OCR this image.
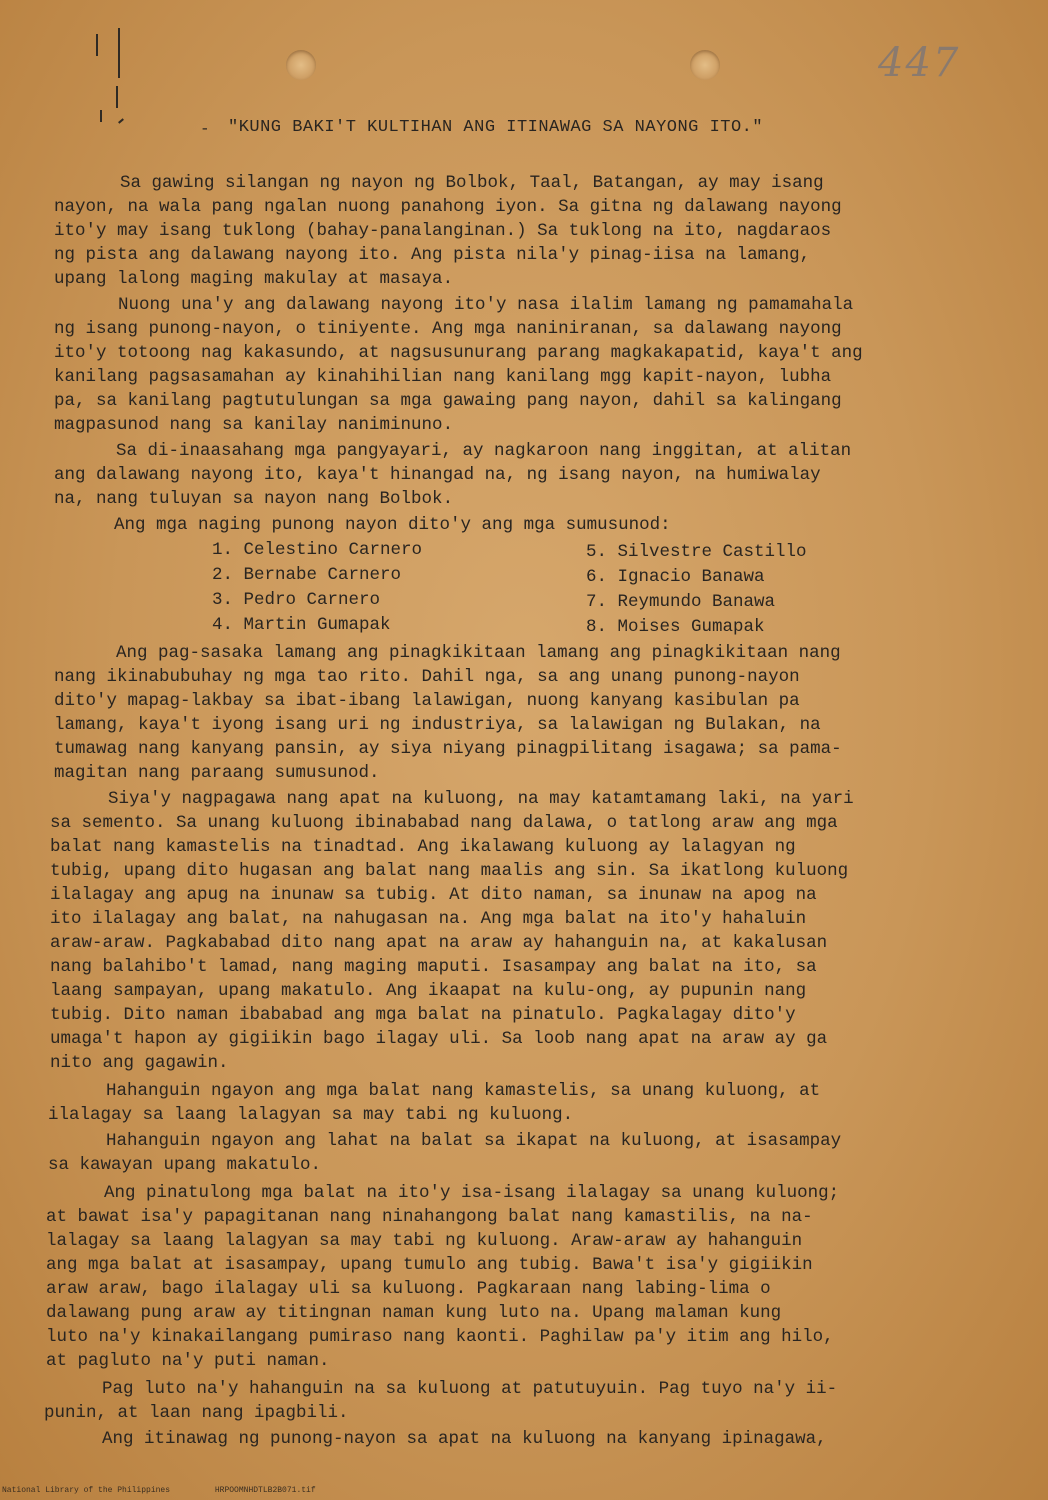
447
- "KUNG BAKI'T KULTIHAN ANG ITINAWAG SA NAYONG ITO."
Sa gawing silangan ng nayon ng Bolbok, Taal, Batangan, ay may isang
nayon, na wala pang ngalan nuong panahong iyon. Sa gitna ng dalawang nayong
ito'y may isang tuklong (bahay-panalanginan.) Sa tuklong na ito, nagdaraos
ng pista ang dalawang nayong ito. Ang pista nila'y pinag-iisa na lamang,
upang lalong maging makulay at masaya.
Nuong una'y ang dalawang nayong ito'y nasa ilalim lamang ng pamamahala
ng isang punong-nayon, o tiniyente. Ang mga naniniranan, sa dalawang nayong
ito'y totoong nag kakasundo, at nagsusunurang parang magkakapatid, kaya't ang
kanilang pagsasamahan ay kinahihilian nang kanilang mgg kapit-nayon, lubha
pa, sa kanilang pagtutulungan sa mga gawaing pang nayon, dahil sa kalingang
magpasunod nang sa kanilay naniminuno.
Sa di-inaasahang mga pangyayari, ay nagkaroon nang inggitan, at alitan
ang dalawang nayong ito, kaya't hinangad na, ng isang nayon, na humiwalay
na, nang tuluyan sa nayon nang Bolbok.
Ang mga naging punong nayon dito'y ang mga sumusunod:
1. Celestino Carnero
2. Bernabe Carnero
3. Pedro Carnero
4. Martin Gumapak
5. Silvestre Castillo
6. Ignacio Banawa
7. Reymundo Banawa
8. Moises Gumapak
Ang pag-sasaka lamang ang pinagkikitaan lamang ang pinagkikitaan nang
nang ikinabubuhay ng mga tao rito. Dahil nga, sa ang unang punong-nayon
dito'y mapag-lakbay sa ibat-ibang lalawigan, nuong kanyang kasibulan pa
lamang, kaya't iyong isang uri ng industriya, sa lalawigan ng Bulakan, na
tumawag nang kanyang pansin, ay siya niyang pinagpilitang isagawa; sa pama-
magitan nang paraang sumusunod.
Siya'y nagpagawa nang apat na kuluong, na may katamtamang laki, na yari
sa semento. Sa unang kuluong ibinababad nang dalawa, o tatlong araw ang mga
balat nang kamastelis na tinadtad. Ang ikalawang kuluong ay lalagyan ng
tubig, upang dito hugasan ang balat nang maalis ang sin. Sa ikatlong kuluong
ilalagay ang apug na inunaw sa tubig. At dito naman, sa inunaw na apog na
ito ilalagay ang balat, na nahugasan na. Ang mga balat na ito'y hahaluin
araw-araw. Pagkababad dito nang apat na araw ay hahanguin na, at kakalusan
nang balahibo't lamad, nang maging maputi. Isasampay ang balat na ito, sa
laang sampayan, upang makatulo. Ang ikaapat na kulu-ong, ay pupunin nang
tubig. Dito naman ibababad ang mga balat na pinatulo. Pagkalagay dito'y
umaga't hapon ay gigiikin bago ilagay uli. Sa loob nang apat na araw ay ga
nito ang gagawin.
Hahanguin ngayon ang mga balat nang kamastelis, sa unang kuluong, at
ilalagay sa laang lalagyan sa may tabi ng kuluong.
Hahanguin ngayon ang lahat na balat sa ikapat na kuluong, at isasampay
sa kawayan upang makatulo.
Ang pinatulong mga balat na ito'y isa-isang ilalagay sa unang kuluong;
at bawat isa'y papagitanan nang ninahangong balat nang kamastilis, na na-
lalagay sa laang lalagyan sa may tabi ng kuluong. Araw-araw ay hahanguin
ang mga balat at isasampay, upang tumulo ang tubig. Bawa't isa'y gigiikin
araw araw, bago ilalagay uli sa kuluong. Pagkaraan nang labing-lima o
dalawang pung araw ay titingnan naman kung luto na. Upang malaman kung
luto na'y kinakailangang pumiraso nang kaonti. Paghilaw pa'y itim ang hilo,
at pagluto na'y puti naman.
Pag luto na'y hahanguin na sa kuluong at patutuyuin. Pag tuyo na'y ii-
punin, at laan nang ipagbili.
Ang itinawag ng punong-nayon sa apat na kuluong na kanyang ipinagawa,
National Library of the Philippines	HRPOOMNHDTLB2B071.tif
